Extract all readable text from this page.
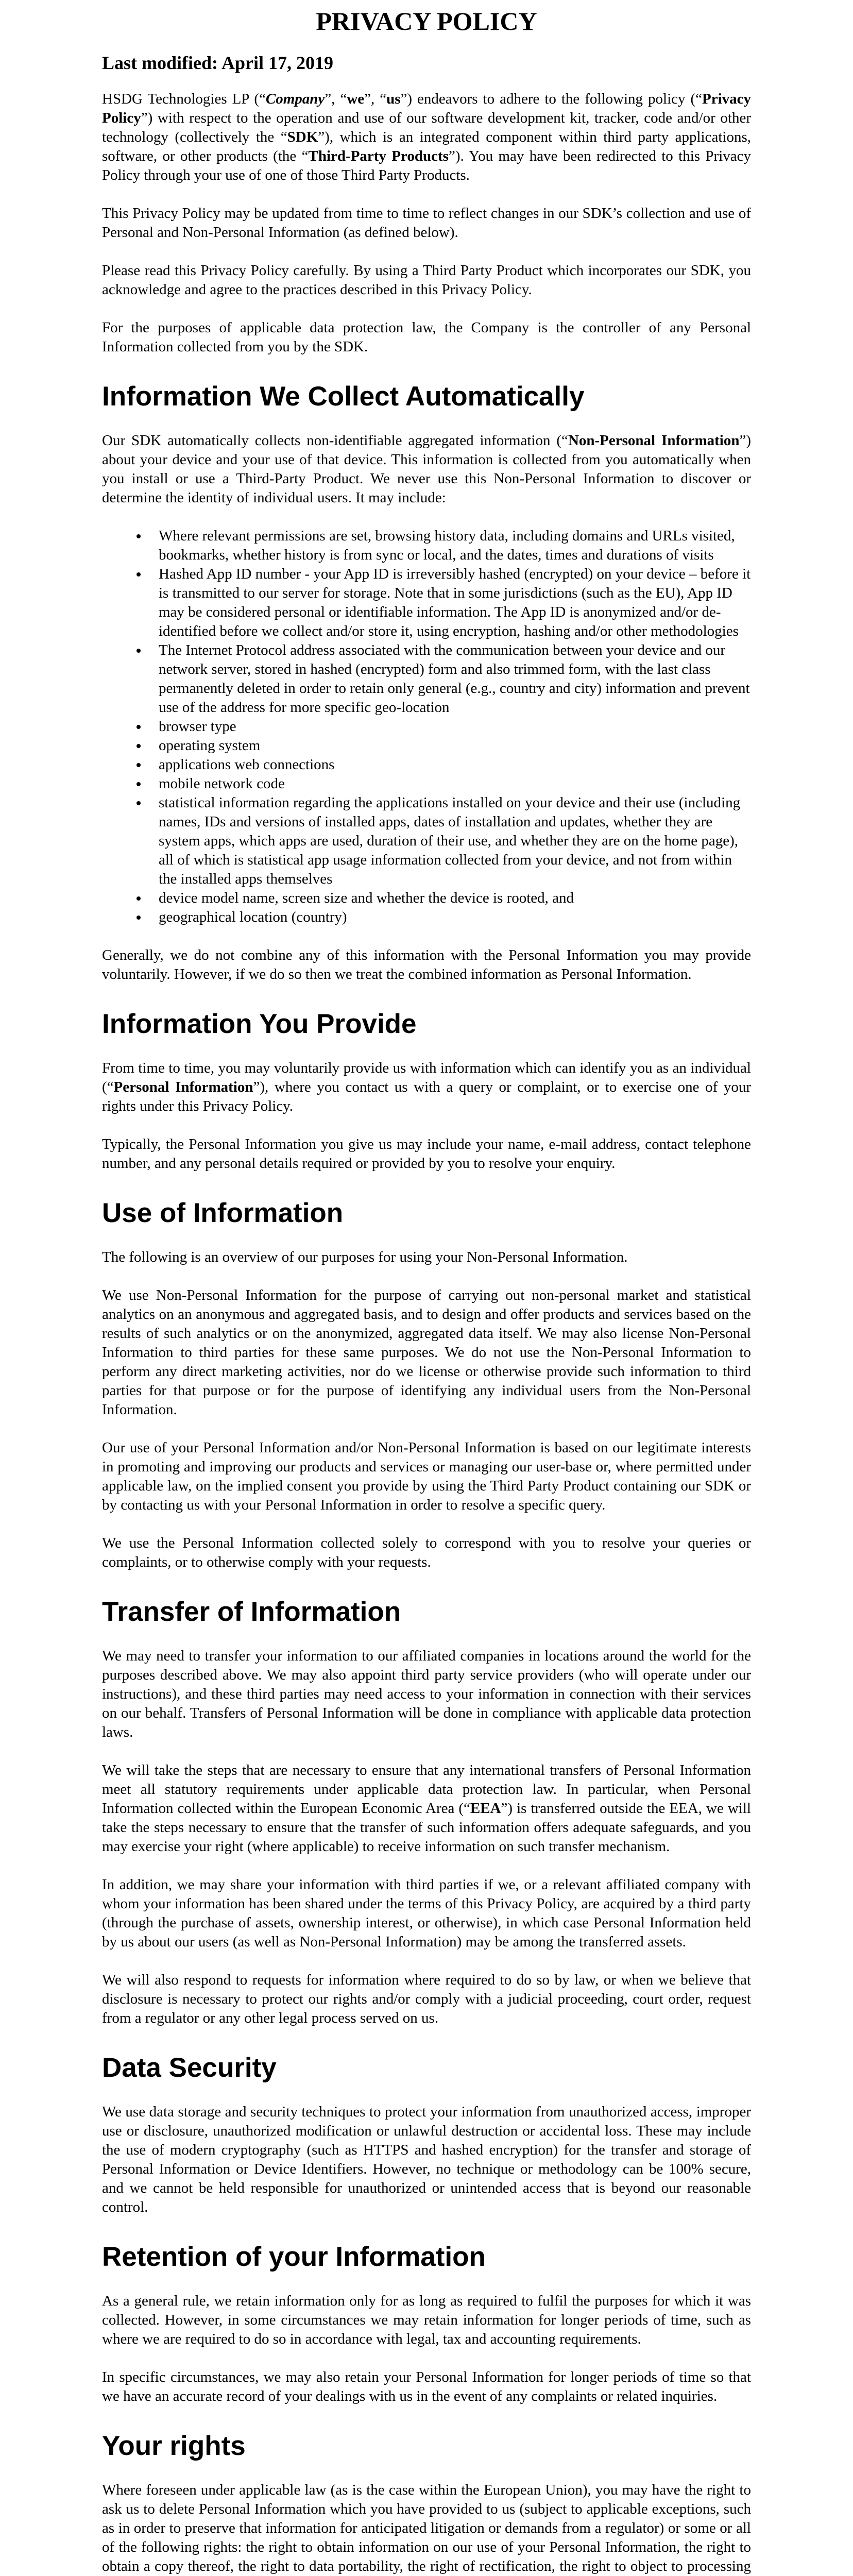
PRIVACY POLICY
Last modified: April 17, 2019

HSDG Technologies LP (“Company”, “we”, “us”) endeavors to adhere to the following policy (“Privacy Policy”) with respect to the operation and use of our software development kit, tracker, code and/or other technology (collectively the “SDK”), which is an integrated component within third party applications, software, or other products (the “Third-Party Products”). You may have been redirected to this Privacy Policy through your use of one of those Third Party Products.

This Privacy Policy may be updated from time to time to reflect changes in our SDK’s collection and use of Personal and Non-Personal Information (as defined below).

Please read this Privacy Policy carefully. By using a Third Party Product which incorporates our SDK, you acknowledge and agree to the practices described in this Privacy Policy.

For the purposes of applicable data protection law, the Company is the controller of any Personal Information collected from you by the SDK.

Information We Collect Automatically

Our SDK automatically collects non-identifiable aggregated information (“Non-Personal Information”) about your device and your use of that device. This information is collected from you automatically when you install or use a Third-Party Product. We never use this Non-Personal Information to discover or determine the identity of individual users. It may include:

• Where relevant permissions are set, browsing history data, including domains and URLs visited, bookmarks, whether history is from sync or local, and the dates, times and durations of visits
• Hashed App ID number - your App ID is irreversibly hashed (encrypted) on your device – before it is transmitted to our server for storage. Note that in some jurisdictions (such as the EU), App ID may be considered personal or identifiable information. The App ID is anonymized and/or de-identified before we collect and/or store it, using encryption, hashing and/or other methodologies
• The Internet Protocol address associated with the communication between your device and our network server, stored in hashed (encrypted) form and also trimmed form, with the last class permanently deleted in order to retain only general (e.g., country and city) information and prevent use of the address for more specific geo-location
• browser type
• operating system
• applications web connections
• mobile network code
• statistical information regarding the applications installed on your device and their use (including names, IDs and versions of installed apps, dates of installation and updates, whether they are system apps, which apps are used, duration of their use, and whether they are on the home page), all of which is statistical app usage information collected from your device, and not from within the installed apps themselves
• device model name, screen size and whether the device is rooted, and
• geographical location (country)

Generally, we do not combine any of this information with the Personal Information you may provide voluntarily. However, if we do so then we treat the combined information as Personal Information.

Information You Provide

From time to time, you may voluntarily provide us with information which can identify you as an individual (“Personal Information”), where you contact us with a query or complaint, or to exercise one of your rights under this Privacy Policy.

Typically, the Personal Information you give us may include your name, e-mail address, contact telephone number, and any personal details required or provided by you to resolve your enquiry.

Use of Information

The following is an overview of our purposes for using your Non-Personal Information.

We use Non-Personal Information for the purpose of carrying out non-personal market and statistical analytics on an anonymous and aggregated basis, and to design and offer products and services based on the results of such analytics or on the anonymized, aggregated data itself. We may also license Non-Personal Information to third parties for these same purposes. We do not use the Non-Personal Information to perform any direct marketing activities, nor do we license or otherwise provide such information to third parties for that purpose or for the purpose of identifying any individual users from the Non-Personal Information.

Our use of your Personal Information and/or Non-Personal Information is based on our legitimate interests in promoting and improving our products and services or managing our user-base or, where permitted under applicable law, on the implied consent you provide by using the Third Party Product containing our SDK or by contacting us with your Personal Information in order to resolve a specific query.

We use the Personal Information collected solely to correspond with you to resolve your queries or complaints, or to otherwise comply with your requests.

Transfer of Information

We may need to transfer your information to our affiliated companies in locations around the world for the purposes described above. We may also appoint third party service providers (who will operate under our instructions), and these third parties may need access to your information in connection with their services on our behalf. Transfers of Personal Information will be done in compliance with applicable data protection laws.

We will take the steps that are necessary to ensure that any international transfers of Personal Information meet all statutory requirements under applicable data protection law. In particular, when Personal Information collected within the European Economic Area (“EEA”) is transferred outside the EEA, we will take the steps necessary to ensure that the transfer of such information offers adequate safeguards, and you may exercise your right (where applicable) to receive information on such transfer mechanism.

In addition, we may share your information with third parties if we, or a relevant affiliated company with whom your information has been shared under the terms of this Privacy Policy, are acquired by a third party (through the purchase of assets, ownership interest, or otherwise), in which case Personal Information held by us about our users (as well as Non-Personal Information) may be among the transferred assets.

We will also respond to requests for information where required to do so by law, or when we believe that disclosure is necessary to protect our rights and/or comply with a judicial proceeding, court order, request from a regulator or any other legal process served on us.

Data Security

We use data storage and security techniques to protect your information from unauthorized access, improper use or disclosure, unauthorized modification or unlawful destruction or accidental loss. These may include the use of modern cryptography (such as HTTPS and hashed encryption) for the transfer and storage of Personal Information or Device Identifiers. However, no technique or methodology can be 100% secure, and we cannot be held responsible for unauthorized or unintended access that is beyond our reasonable control.

Retention of your Information

As a general rule, we retain information only for as long as required to fulfil the purposes for which it was collected. However, in some circumstances we may retain information for longer periods of time, such as where we are required to do so in accordance with legal, tax and accounting requirements.

In specific circumstances, we may also retain your Personal Information for longer periods of time so that we have an accurate record of your dealings with us in the event of any complaints or related inquiries.

Your rights

Where foreseen under applicable law (as is the case within the European Union), you may have the right to ask us to delete Personal Information which you have provided to us (subject to applicable exceptions, such as in order to preserve that information for anticipated litigation or demands from a regulator) or some or all of the following rights: the right to obtain information on our use of your Personal Information, the right to obtain a copy thereof, the right to data portability, the right of rectification, the right to object to processing
